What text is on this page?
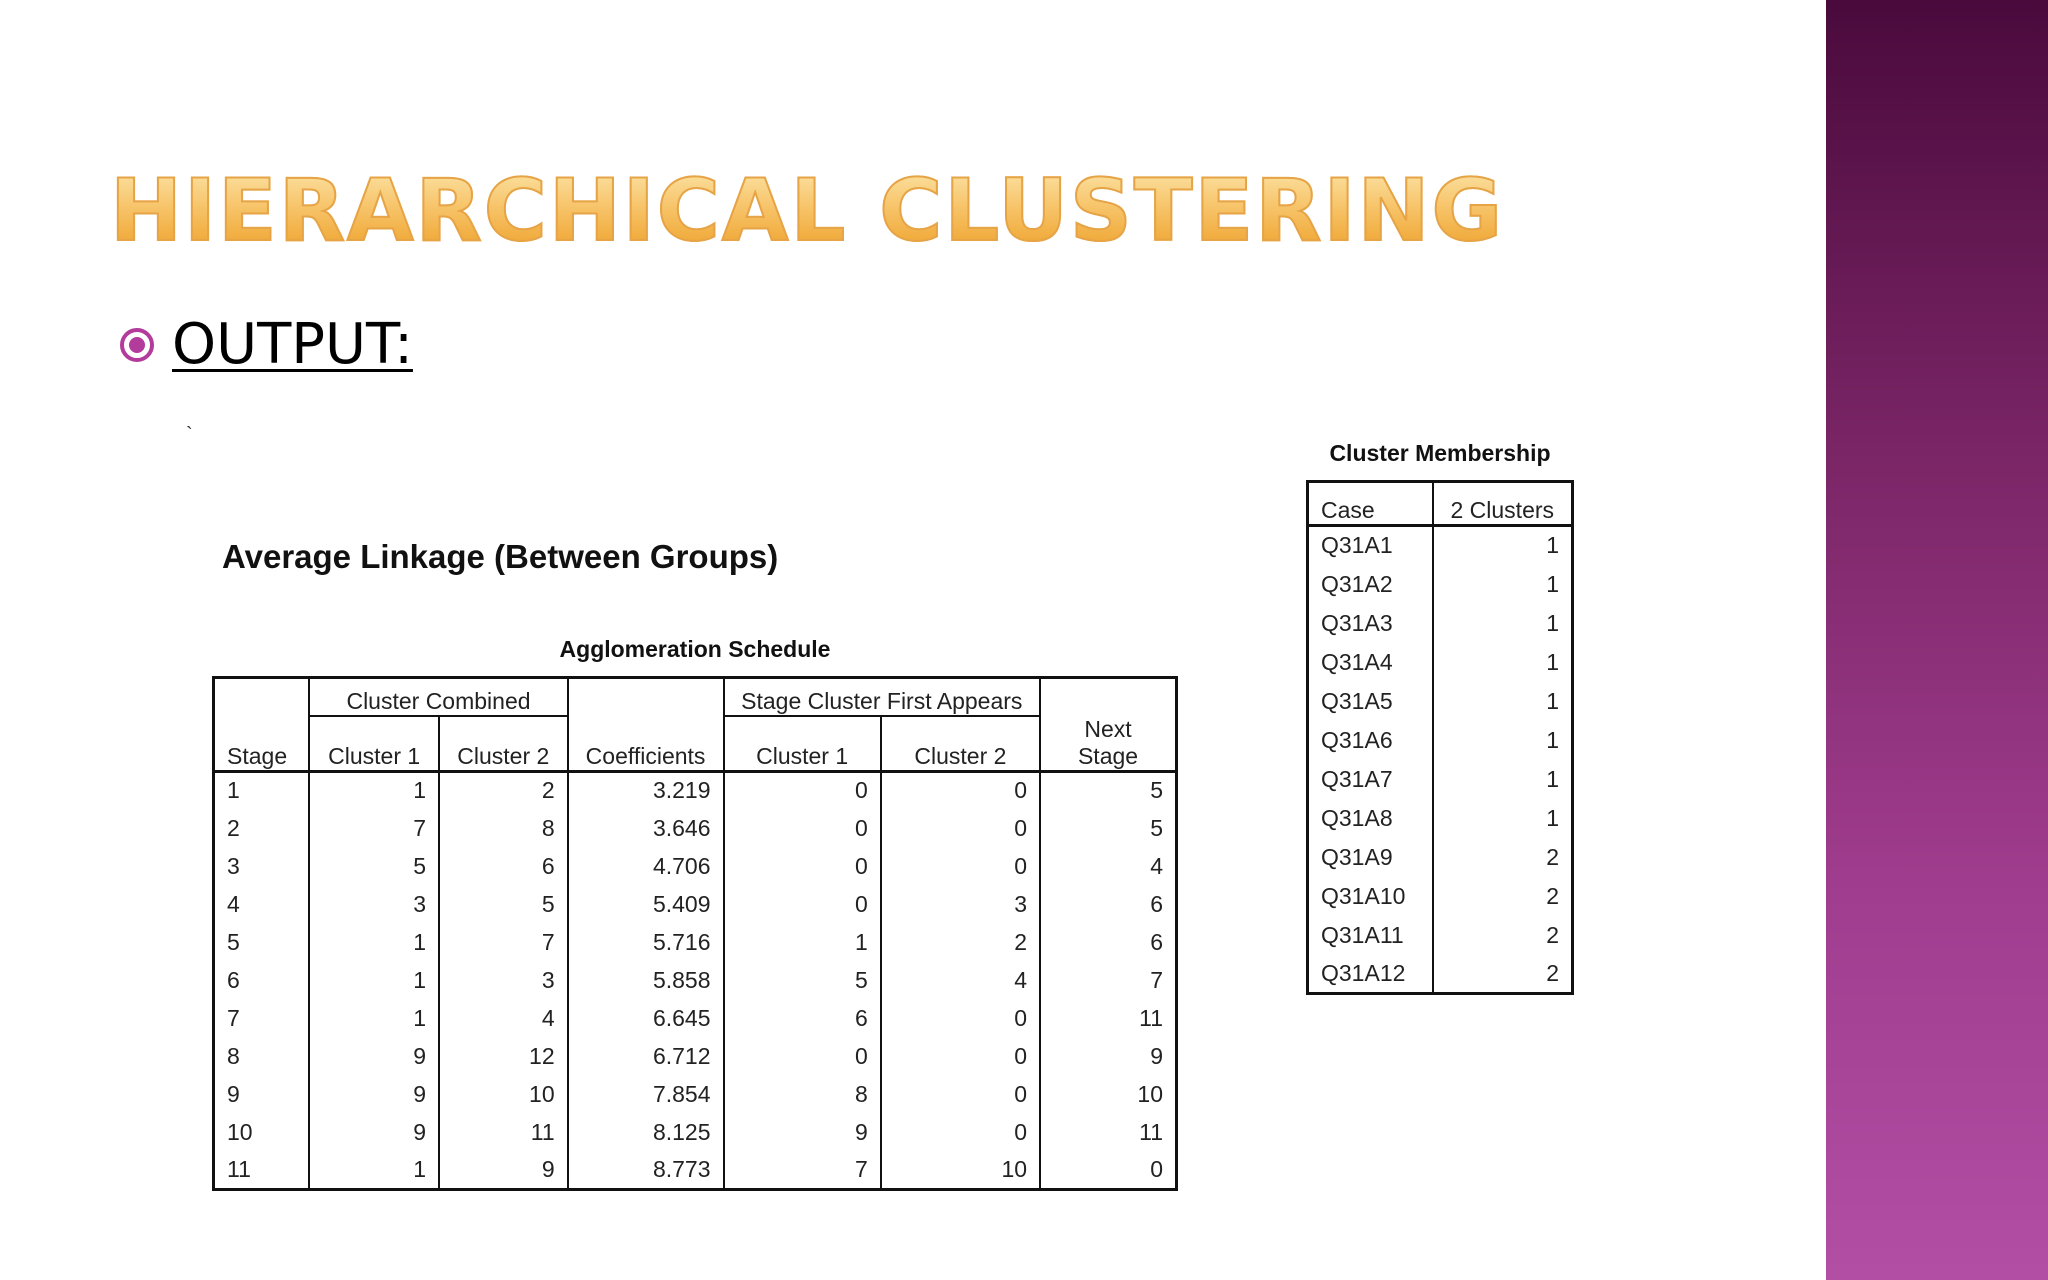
HIERARCHICAL CLUSTERING
OUTPUT:
`
Average Linkage (Between Groups)
Agglomeration Schedule
	Cluster Combined			Stage Cluster First Appears		
Stage	Cluster 1	Cluster 2	Coefficients	Cluster 1	Cluster 2	Next Stage
1	1	2	3.219	0	0	5
2	7	8	3.646	0	0	5
3	5	6	4.706	0	0	4
4	3	5	5.409	0	3	6
5	1	7	5.716	1	2	6
6	1	3	5.858	5	4	7
7	1	4	6.645	6	0	11
8	9	12	6.712	0	0	9
9	9	10	7.854	8	0	10
10	9	11	8.125	9	0	11
11	1	9	8.773	7	10	0
Cluster Membership
Case	2 Clusters
Q31A1	1
Q31A2	1
Q31A3	1
Q31A4	1
Q31A5	1
Q31A6	1
Q31A7	1
Q31A8	1
Q31A9	2
Q31A10	2
Q31A11	2
Q31A12	2
